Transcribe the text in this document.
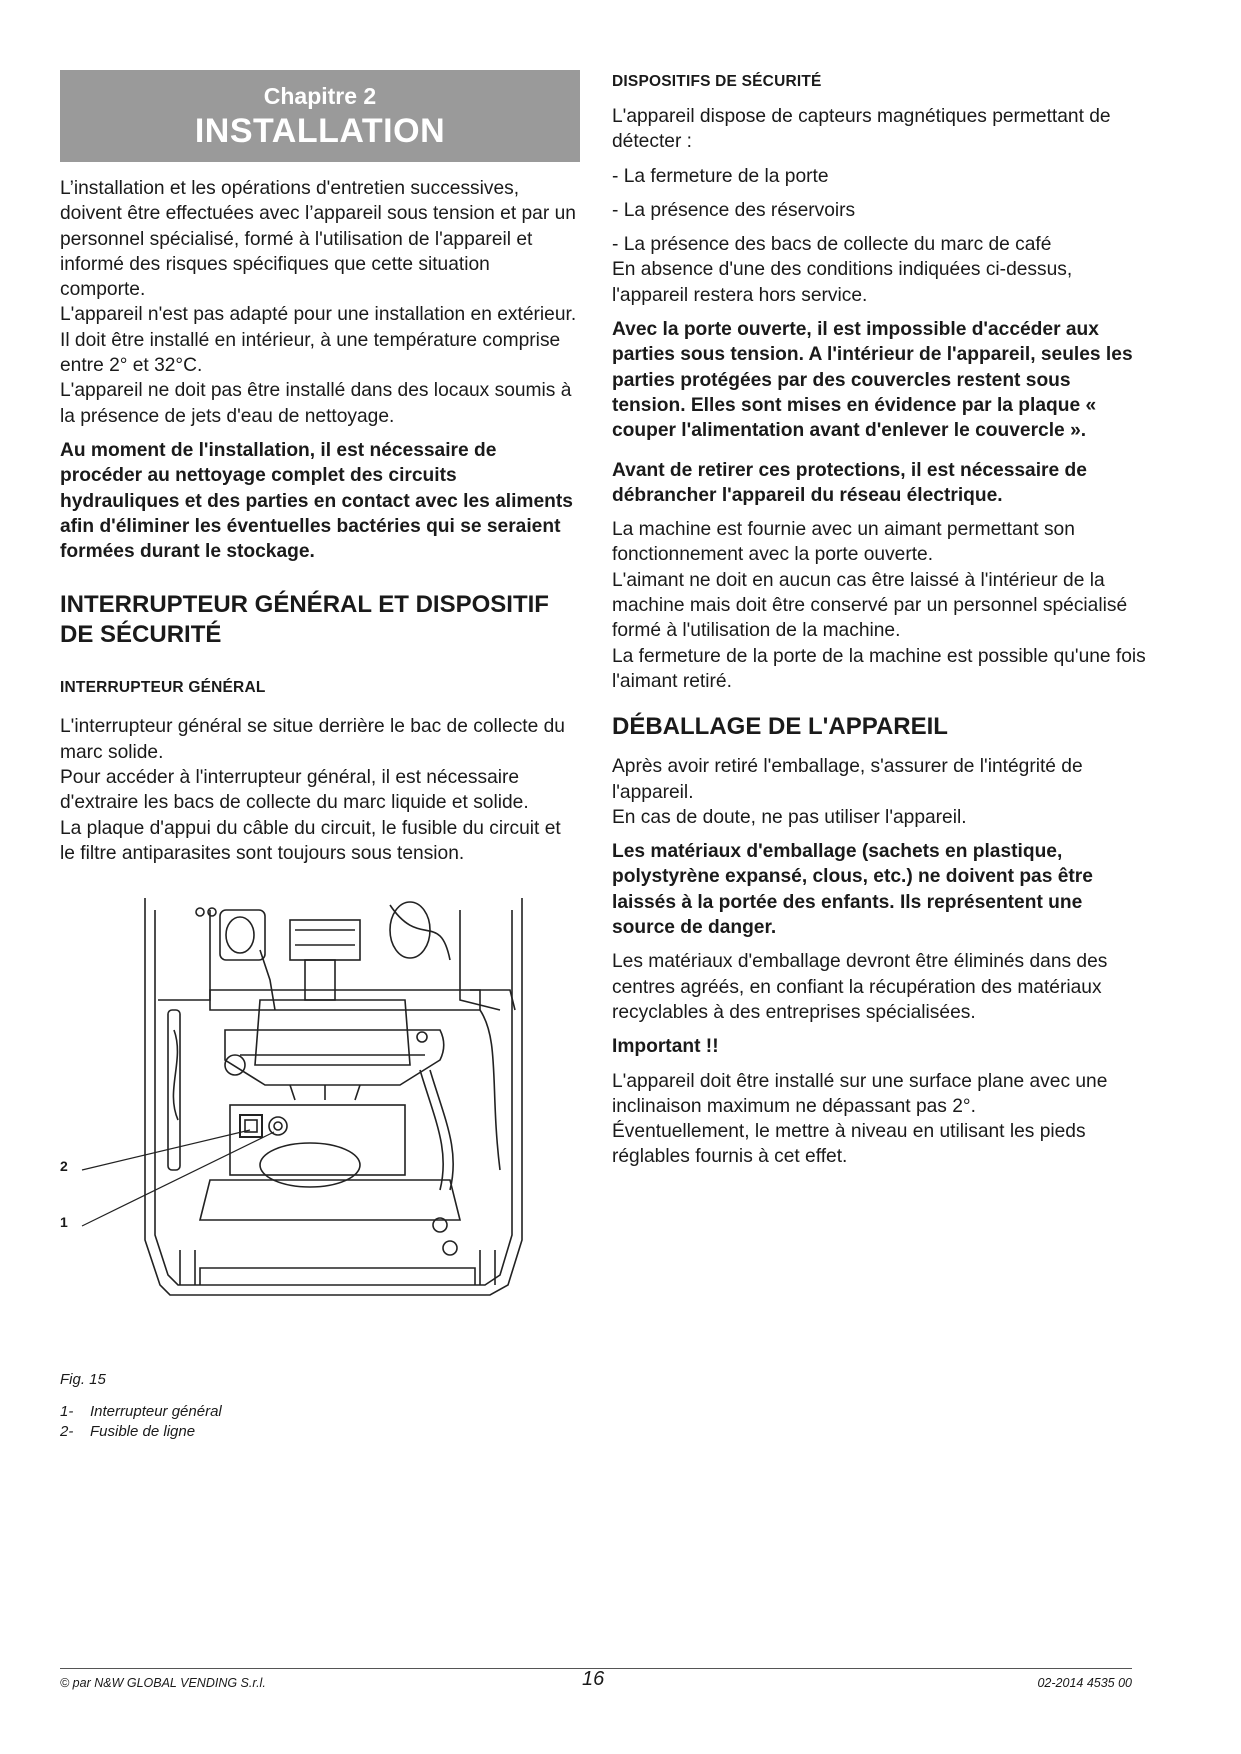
Chapitre 2
INSTALLATION

L’installation et les opérations d'entretien successives, doivent être effectuées avec l’appareil sous tension et par un personnel spécialisé, formé à l'utilisation de l'appareil et informé des risques spécifiques que cette situation comporte.

L'appareil n'est pas adapté pour une installation en extérieur. Il doit être installé en intérieur, à une température comprise entre 2° et 32°C.

L'appareil ne doit pas être installé dans des locaux soumis à la présence de jets d'eau de nettoyage.

Au moment de l'installation, il est nécessaire de procéder au nettoyage complet des circuits hydrauliques et des parties en contact avec les aliments afin d'éliminer les éventuelles bactéries qui se seraient formées durant le stockage.

INTERRUPTEUR GÉNÉRAL ET DISPOSITIF DE SÉCURITÉ
INTERRUPTEUR GÉNÉRAL

L'interrupteur général se situe derrière le bac de collecte du marc solide.

Pour accéder à l'interrupteur général, il est nécessaire d'extraire les bacs de collecte du marc liquide et solide.

La plaque d'appui du câble du circuit, le fusible du circuit et le filtre antiparasites sont toujours sous tension.

2
1
Fig. 15
1- Interrupteur général
2- Fusible de ligne
DISPOSITIFS DE SÉCURITÉ

L'appareil dispose de capteurs magnétiques permettant de détecter :

- La fermeture de la porte

- La présence des réservoirs

- La présence des bacs de collecte du marc de café

En absence d'une des conditions indiquées ci-dessus, l'appareil restera hors service.

Avec la porte ouverte, il est impossible d'accéder aux parties sous tension. A l'intérieur de l'appareil, seules les parties protégées par des couvercles restent sous tension. Elles sont mises en évidence par la plaque « couper l'alimentation avant d'enlever le couvercle ».

Avant de retirer ces protections, il est nécessaire de débrancher l'appareil du réseau électrique.

La machine est fournie avec un aimant permettant son fonctionnement avec la porte ouverte.

L'aimant ne doit en aucun cas être laissé à l'intérieur de la machine mais doit être conservé par un personnel spécialisé formé à l'utilisation de la machine.

La fermeture de la porte de la machine est possible qu'une fois l'aimant retiré.

DÉBALLAGE DE L'APPAREIL

Après avoir retiré l'emballage, s'assurer de l'intégrité de l'appareil.

En cas de doute, ne pas utiliser l'appareil.

Les matériaux d'emballage (sachets en plastique, polystyrène expansé, clous, etc.) ne doivent pas être laissés à la portée des enfants. Ils représentent une source de danger.

Les matériaux d'emballage devront être éliminés dans des centres agréés, en confiant la récupération des matériaux recyclables à des entreprises spécialisées.

Important !!

L'appareil doit être installé sur une surface plane avec une inclinaison maximum ne dépassant pas 2°.

Éventuellement, le mettre à niveau en utilisant les pieds réglables fournis à cet effet.

© par N&W GLOBAL VENDING S.r.l.	16	02-2014 4535 00
